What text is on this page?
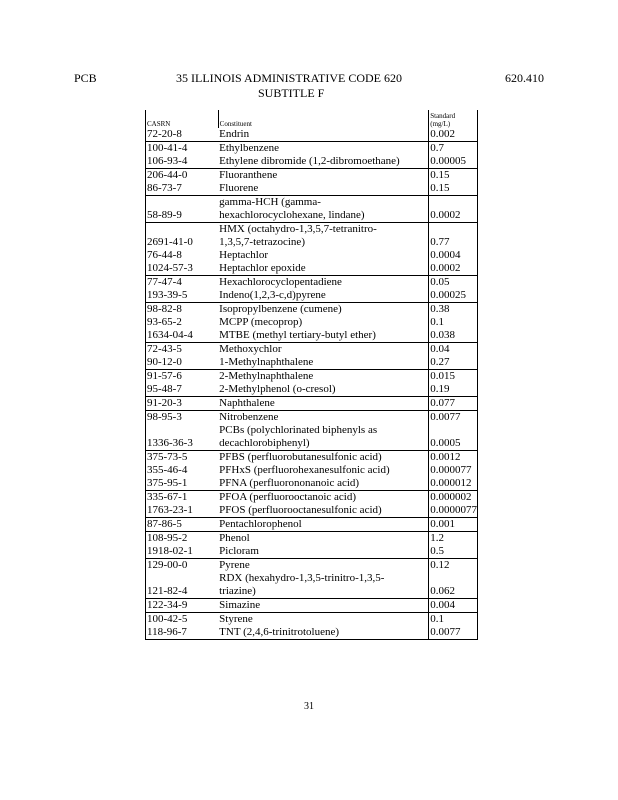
PCB	35 ILLINOIS ADMINISTRATIVE CODE 620
SUBTITLE F
620.410
CASRN	Constituent	Standard
(mg/L)
72-20-8	Endrin	0.002
100-41-4	Ethylbenzene	0.7
106-93-4	Ethylene dibromide (1,2-dibromoethane)	0.00005
206-44-0	Fluoranthene	0.15
86-73-7	Fluorene	0.15
58-89-9	gamma-HCH (gamma-
hexachlorocyclohexane, lindane)	0.0002
2691-41-0	HMX (octahydro-1,3,5,7-tetranitro-
1,3,5,7-tetrazocine)	0.77
76-44-8	Heptachlor	0.0004
1024-57-3	Heptachlor epoxide	0.0002
77-47-4	Hexachlorocyclopentadiene	0.05
193-39-5	Indeno(1,2,3-c,d)pyrene	0.00025
98-82-8	Isopropylbenzene (cumene)	0.38
93-65-2	MCPP (mecoprop)	0.1
1634-04-4	MTBE (methyl tertiary-butyl ether)	0.038
72-43-5	Methoxychlor	0.04
90-12-0	1-Methylnaphthalene	0.27
91-57-6	2-Methylnaphthalene	0.015
95-48-7	2-Methylphenol (o-cresol)	0.19
91-20-3	Naphthalene	0.077
98-95-3	Nitrobenzene	0.0077
1336-36-3	PCBs (polychlorinated biphenyls as
decachlorobiphenyl)	0.0005
375-73-5	PFBS (perfluorobutanesulfonic acid)	0.0012
355-46-4	PFHxS (perfluorohexanesulfonic acid)	0.000077
375-95-1	PFNA (perfluorononanoic acid)	0.000012
335-67-1	PFOA (perfluorooctanoic acid)	0.000002
1763-23-1	PFOS (perfluorooctanesulfonic acid)	0.0000077
87-86-5	Pentachlorophenol	0.001
108-95-2	Phenol	1.2
1918-02-1	Picloram	0.5
129-00-0	Pyrene	0.12
121-82-4	RDX (hexahydro-1,3,5-trinitro-1,3,5-
triazine)	0.062
122-34-9	Simazine	0.004
100-42-5	Styrene	0.1
118-96-7	TNT (2,4,6-trinitrotoluene)	0.0077
31
